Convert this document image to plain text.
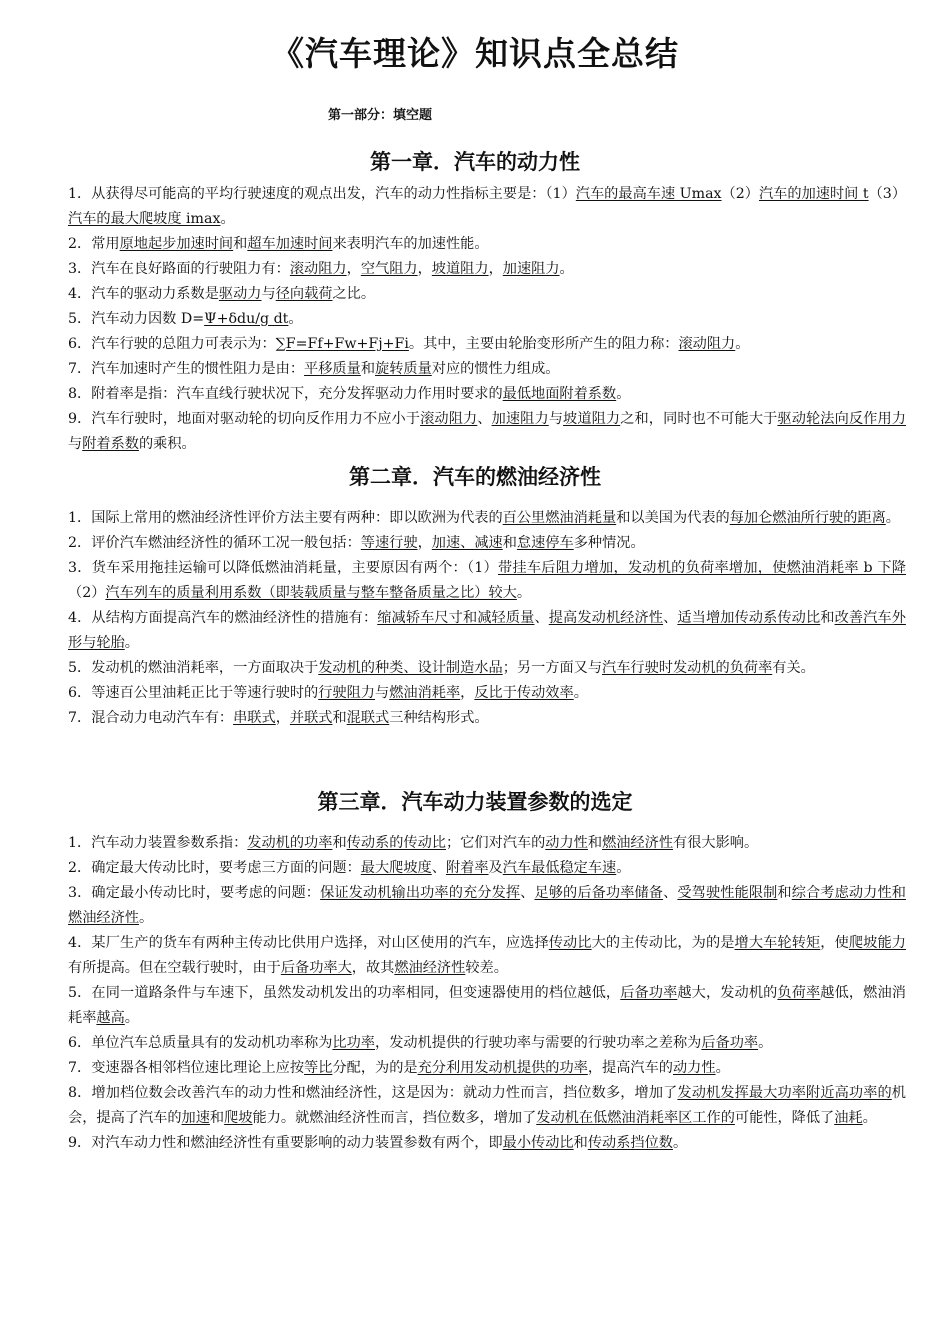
《汽车理论》知识点全总结
第一部分：填空题
第一章．汽车的动力性
1．从获得尽可能高的平均行驶速度的观点出发，汽车的动力性指标主要是：（1）汽车的最高车速 Umax（2）汽车的加速时间 t（3）汽车的最大爬坡度 imax。
2．常用原地起步加速时间和超车加速时间来表明汽车的加速性能。
3．汽车在良好路面的行驶阻力有：滚动阻力，空气阻力，坡道阻力，加速阻力。
4．汽车的驱动力系数是驱动力与径向载荷之比。
5．汽车动力因数 D=Ψ+δdu/g dt。
6．汽车行驶的总阻力可表示为：∑F=Ff+Fw+Fj+Fi。其中，主要由轮胎变形所产生的阻力称：滚动阻力。
7．汽车加速时产生的惯性阻力是由：平移质量和旋转质量对应的惯性力组成。
8．附着率是指：汽车直线行驶状况下，充分发挥驱动力作用时要求的最低地面附着系数。
9．汽车行驶时，地面对驱动轮的切向反作用力不应小于滚动阻力、加速阻力与坡道阻力之和，同时也不可能大于驱动轮法向反作用力与附着系数的乘积。
第二章．汽车的燃油经济性
1．国际上常用的燃油经济性评价方法主要有两种：即以欧洲为代表的百公里燃油消耗量和以美国为代表的每加仑燃油所行驶的距离。
2．评价汽车燃油经济性的循环工况一般包括：等速行驶，加速、减速和怠速停车多种情况。
3．货车采用拖挂运输可以降低燃油消耗量，主要原因有两个：（1）带挂车后阻力增加，发动机的负荷率增加，使燃油消耗率 b 下降（2）汽车列车的质量利用系数（即装载质量与整车整备质量之比）较大。
4．从结构方面提高汽车的燃油经济性的措施有：缩减轿车尺寸和减轻质量、提高发动机经济性、适当增加传动系传动比和改善汽车外形与轮胎。
5．发动机的燃油消耗率，一方面取决于发动机的种类、设计制造水品；另一方面又与汽车行驶时发动机的负荷率有关。
6．等速百公里油耗正比于等速行驶时的行驶阻力与燃油消耗率，反比于传动效率。
7．混合动力电动汽车有：串联式，并联式和混联式三种结构形式。
第三章．汽车动力装置参数的选定
1．汽车动力装置参数系指：发动机的功率和传动系的传动比；它们对汽车的动力性和燃油经济性有很大影响。
2．确定最大传动比时，要考虑三方面的问题：最大爬坡度、附着率及汽车最低稳定车速。
3．确定最小传动比时，要考虑的问题：保证发动机输出功率的充分发挥、足够的后备功率储备、受驾驶性能限制和综合考虑动力性和燃油经济性。
4．某厂生产的货车有两种主传动比供用户选择，对山区使用的汽车，应选择传动比大的主传动比，为的是增大车轮转矩，使爬坡能力有所提高。但在空载行驶时，由于后备功率大，故其燃油经济性较差。
5．在同一道路条件与车速下，虽然发动机发出的功率相同，但变速器使用的档位越低，后备功率越大，发动机的负荷率越低，燃油消耗率越高。
6．单位汽车总质量具有的发动机功率称为比功率，发动机提供的行驶功率与需要的行驶功率之差称为后备功率。
7．变速器各相邻档位速比理论上应按等比分配，为的是充分利用发动机提供的功率，提高汽车的动力性。
8．增加档位数会改善汽车的动力性和燃油经济性，这是因为：就动力性而言，挡位数多，增加了发动机发挥最大功率附近高功率的机会，提高了汽车的加速和爬坡能力。就燃油经济性而言，挡位数多，增加了发动机在低燃油消耗率区工作的可能性，降低了油耗。
9．对汽车动力性和燃油经济性有重要影响的动力装置参数有两个，即最小传动比和传动系挡位数。
